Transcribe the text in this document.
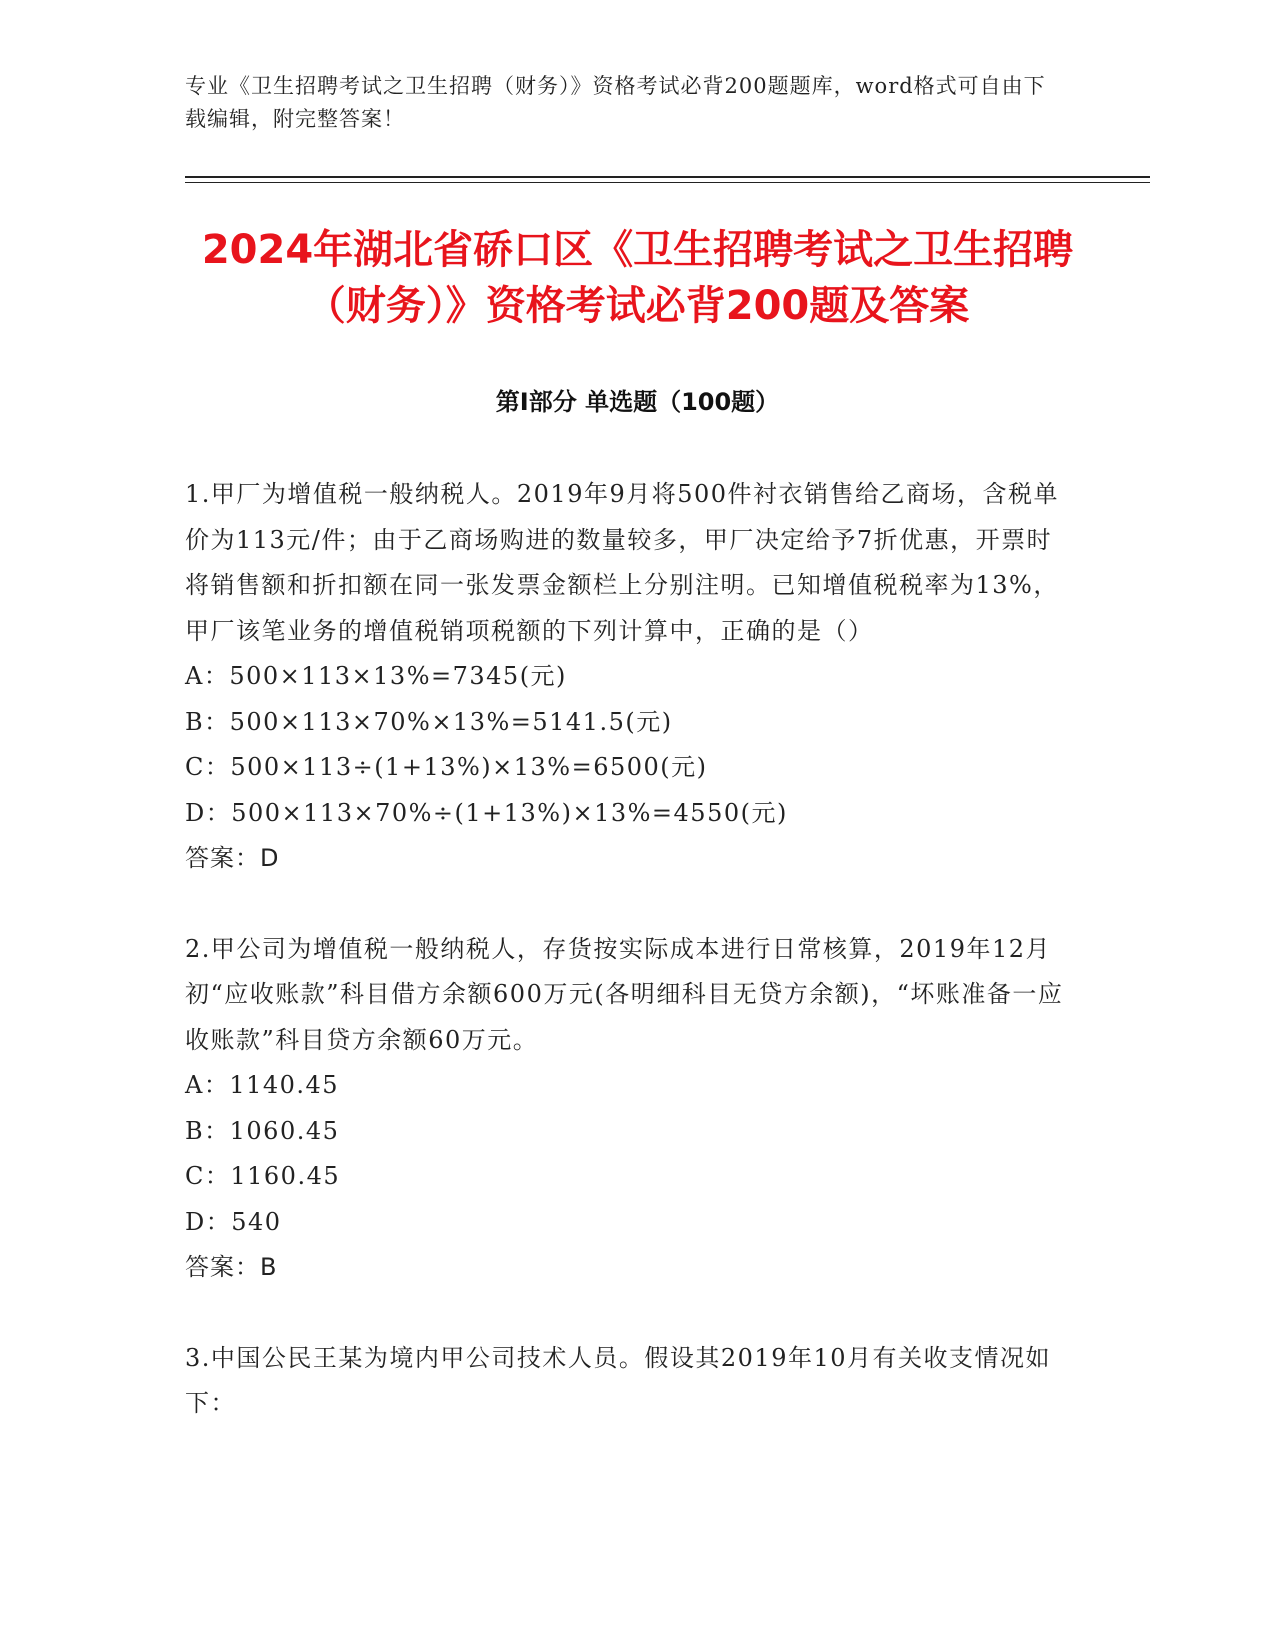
专业《卫生招聘考试之卫生招聘（财务）》资格考试必背200题题库，word格式可自由下载编辑，附完整答案！
2024年湖北省硚口区《卫生招聘考试之卫生招聘（财务）》资格考试必背200题及答案
第Ⅰ部分 单选题（100题）

1.甲厂为增值税一般纳税人。2019年9月将500件衬衣销售给乙商场，含税单价为113元/件；由于乙商场购进的数量较多，甲厂决定给予7折优惠，开票时将销售额和折扣额在同一张发票金额栏上分别注明。已知增值税税率为13%，甲厂该笔业务的增值税销项税额的下列计算中，正确的是（）

A：500×113×13%=7345(元)

B：500×113×70%×13%=5141.5(元)

C：500×113÷(1+13%)×13%=6500(元)

D：500×113×70%÷(1+13%)×13%=4550(元)

答案：D

2.甲公司为增值税一般纳税人，存货按实际成本进行日常核算，2019年12月初“应收账款”科目借方余额600万元(各明细科目无贷方余额)，“坏账准备一应收账款”科目贷方余额60万元。

A：1140.45

B：1060.45

C：1160.45

D：540

答案：B

3.中国公民王某为境内甲公司技术人员。假设其2019年10月有关收支情况如下：
